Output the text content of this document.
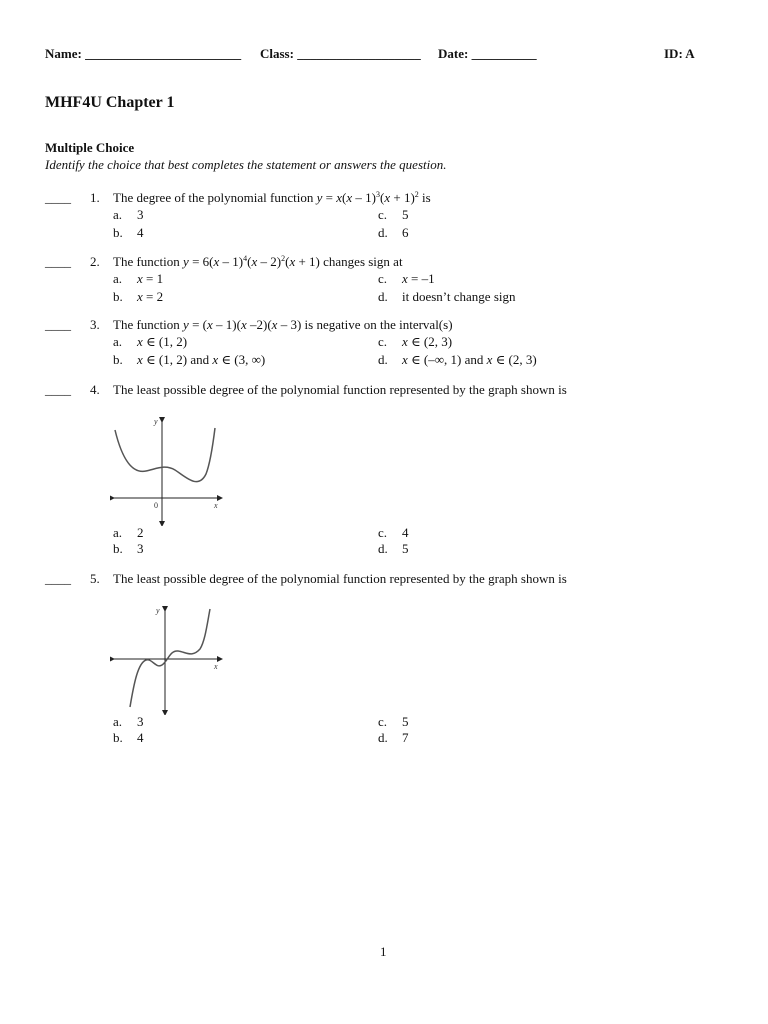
Name: ________________________ Class: ___________________ Date: __________	ID: A
MHF4U Chapter 1
Multiple Choice
Identify the choice that best completes the statement or answers the question.
____ 1. The degree of the polynomial function $y = x(x - 1)^3(x + 1)^2$ is
a. 3	c. 5
b. 4	d. 6
____ 2. The function y = 6(x – 1)$^4$(x – 2)$^2$(x + 1) changes sign at
a. x = 1	c. x = –1
b. x = 2	d. it doesn’t change sign
____ 3. The function y = (x – 1)(x –2)(x – 3) is negative on the interval(s)
a. x ∈ (1, 2)	c. x ∈ (2, 3)
b. x ∈ (1, 2) and x ∈ (3, ∞)	d. x ∈ (–∞, 1) and x ∈ (2, 3)
____ 4. The least possible degree of the polynomial function represented by the graph shown is
y
x
0
a. 2	c. 4
b. 3	d. 5
____ 5. The least possible degree of the polynomial function represented by the graph shown is
y
x
a. 3	c. 5
b. 4	d. 7
1
